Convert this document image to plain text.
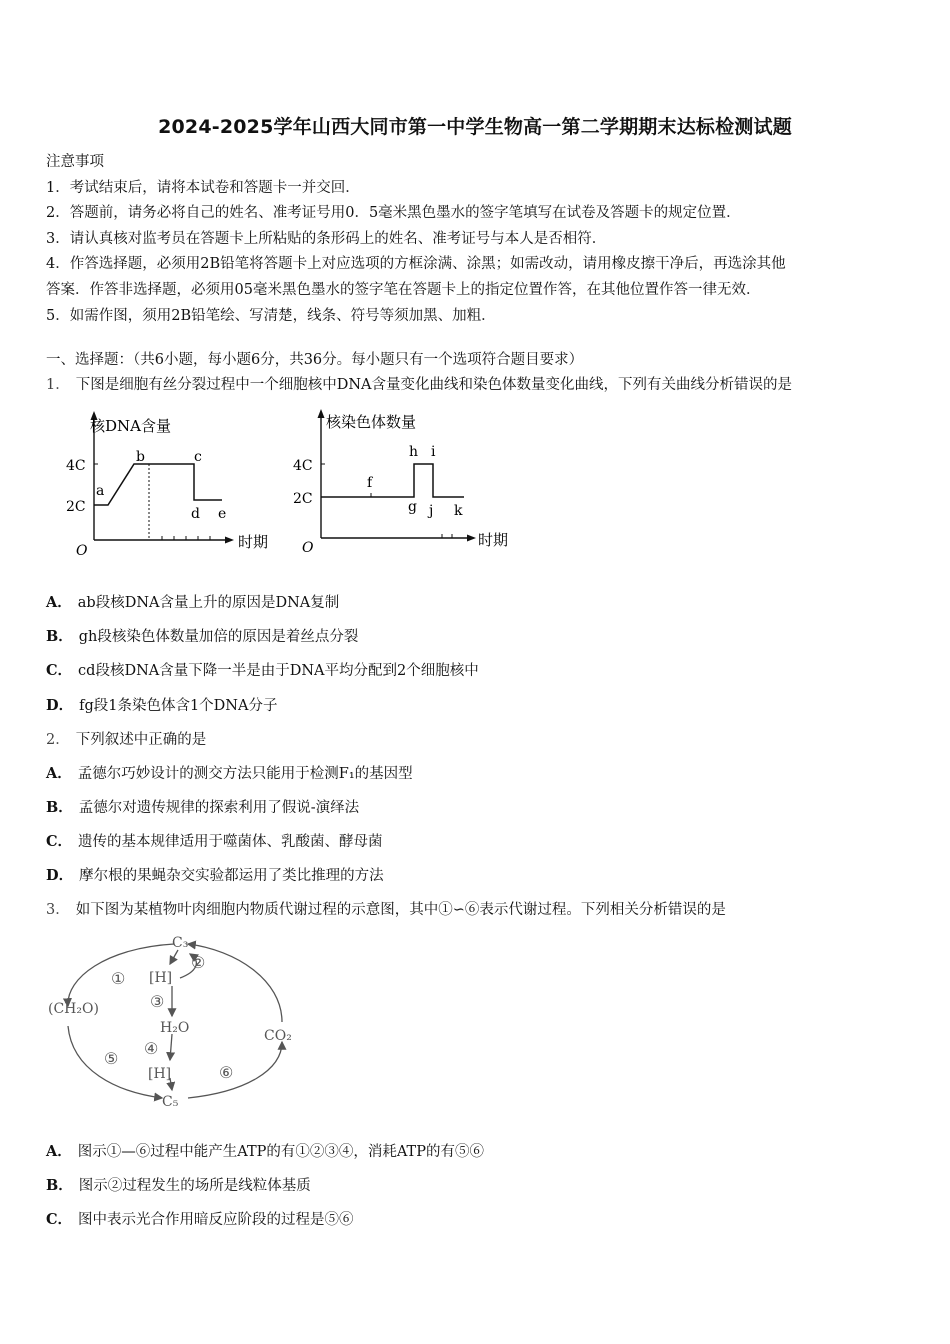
2024-2025学年山西大同市第一中学生物高一第二学期期末达标检测试题
注意事项
1．考试结束后，请将本试卷和答题卡一并交回．
2．答题前，请务必将自己的姓名、准考证号用0．5毫米黑色墨水的签字笔填写在试卷及答题卡的规定位置．
3．请认真核对监考员在答题卡上所粘贴的条形码上的姓名、准考证号与本人是否相符．
4．作答选择题，必须用2B铅笔将答题卡上对应选项的方框涂满、涂黑；如需改动，请用橡皮擦干净后，再选涂其他
答案．作答非选择题，必须用05毫米黑色墨水的签字笔在答题卡上的指定位置作答，在其他位置作答一律无效．
5．如需作图，须用2B铅笔绘、写清楚，线条、符号等须加黑、加粗．
一、选择题：（共6小题，每小题6分，共36分。每小题只有一个选项符合题目要求）
1． 下图是细胞有丝分裂过程中一个细胞核中DNA含量变化曲线和染色体数量变化曲线，下列有关曲线分析错误的是
核DNA含量
时期
O
2C
4C
a
b	c
d e
核染色体数量
时期
O
2C
4C
f
g
h i
j k
A． ab段核DNA含量上升的原因是DNA复制
B． gh段核染色体数量加倍的原因是着丝点分裂
C． cd段核DNA含量下降一半是由于DNA平均分配到2个细胞核中
D． fg段1条染色体含1个DNA分子
2． 下列叙述中正确的是
A． 孟德尔巧妙设计的测交方法只能用于检测F₁的基因型
B． 孟德尔对遗传规律的探索利用了假说-演绎法
C． 遗传的基本规律适用于噬菌体、乳酸菌、酵母菌
D． 摩尔根的果蝇杂交实验都运用了类比推理的方法
3． 如下图为某植物叶肉细胞内物质代谢过程的示意图，其中①∽⑥表示代谢过程。下列相关分析错误的是
C₃
[H]
H₂O
[H]
C₅
(CH₂O)
CO₂
①
②
③
④
⑤
⑥
A． 图示①—⑥过程中能产生ATP的有①②③④，消耗ATP的有⑤⑥
B． 图示②过程发生的场所是线粒体基质
C． 图中表示光合作用暗反应阶段的过程是⑤⑥
